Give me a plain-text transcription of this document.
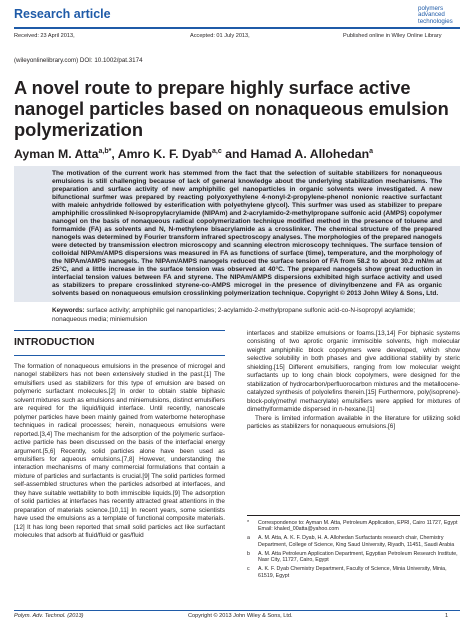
Research article	polymers
advanced
technologies
Received: 23 April 2013,	Accepted: 01 July 2013,	Published online in Wiley Online Library
(wileyonlinelibrary.com) DOI: 10.1002/pat.3174
A novel route to prepare highly surface active nanogel particles based on nonaqueous emulsion polymerization
Ayman M. Atta$^{a,b*}$, Amro K. F. Dyab$^{a,c}$ and Hamad A. Allohedan$^a$

The motivation of the current work has stemmed from the fact that the selection of suitable stabilizers for nonaqueous emulsions is still challenging because of lack of general knowledge about the underlying stabilization mechanisms. The preparation and surface activity of new amphiphilic gel nanoparticles in organic solvents were investigated. A new bifunctional surfmer was prepared by reacting polyoxyethylene 4-nonyl-2-propylene-phenol nonionic reactive surfactant with maleic anhydride followed by esterification with polyethylene glycol). This surfmer was used as stabilizer to prepare amphiphilic crosslinked N-isopropylacrylamide (NIPAm) and 2-acrylamido-2-methylpropane sulfonic acid (AMPS) copolymer nanogel on the basis of nonaqueous radical copolymerization technique modified method in the presence of toluene and formamide (FA) as solvents and N, N-methylene bisacrylamide as a crosslinker. The chemical structure of the prepared nanogels was determined by Fourier transform infrared spectroscopy analyses. The morphologies of the prepared nanogels were detected by transmission electron microscopy and scanning electron microscopy techniques. The surface tension of colloidal NIPAm/AMPS dispersions was measured in FA as functions of surface (time), temperature, and the morphology of the NIPAm/AMPS nanogels. The NIPAm/AMPS nanogels reduced the surface tension of FA from 58.2 to about 30.2 mN/m at 25°C, and a little increase in the surface tension was observed at 40°C. The prepared nanogels show great reduction in interfacial tension values between FA and styrene. The NIPAm/AMPS dispersions exhibited high surface activity and used as stabilizers to prepare crosslinked styrene-co-AMPS microgel in the presence of divinylbenzene and FA as organic solvents based on nonaqueous emulsion crosslinking polymerization technique. Copyright © 2013 John Wiley & Sons, Ltd.

Keywords: surface activity; amphiphilic gel nanoparticles; 2-acylamido-2-methylpropane sulfonic acid-co-N-isopropyl acylamide; nonaqueous media; miniemulsion

INTRODUCTION

The formation of nonaqueous emulsions in the presence of microgel and nanogel stabilizers has not been extensively studied in the past.[1] The emulsifiers used as stabilizers for this type of emulsion are based on polymeric surfactant molecules.[2] In order to obtain stable biphasic solvent mixtures such as emulsions and miniemulsions, distinct emulsifiers are required for the liquid/liquid interface. Until recently, nanoscale polymer particles have been mainly gained from waterborne heterophase techniques in radical processes; herein, nonaqueous emulsions were reported.[3,4] The mechanism for the adsorption of the polymeric surface-active particle has been discussed on the basis of the interfacial energy argument.[5,6] Recently, solid particles alone have been used as emulsifiers for aqueous emulsions.[7,8] However, understanding the interaction mechanisms of many commercial formulations that contain a mixture of particles and surfactants is crucial.[9] The solid particles formed self-assembled structures when the particles adsorbed at interfaces, and they have suitable wettability to both immiscible liquids.[9] The adsorption of solid particles at interfaces has recently attracted great attentions in the preparation of materials science.[10,11] In recent years, some scientists have used the emulsions as a template of functional composite materials.[12] It has long been reported that small solid particles act like surfactant molecules that adsorb at fluid/fluid or gas/fluid

interfaces and stabilize emulsions or foams.[13,14] For biphasic systems consisting of two aprotic organic immiscible solvents, high molecular weight amphiphilic block copolymers were developed, which show selective solubility in both phases and give additional stability by steric shielding.[15] Different emulsifiers, ranging from low molecular weight surfactants up to long chain block copolymers, were designed for the stabilization of hydrocarbon/perfluorocarbon mixtures and the metallocene-catalyzed synthesis of polyolefins therein.[15] Furthermore, poly(isoprene)-block-poly(methyl methacrylate) emulsifiers were applied for mixtures of dimethylformamide dispersed in n-hexane.[1]

There is limited information available in the literature for utilizing solid particles as stabilizers for nonaqueous emulsions.[6]

*	Correspondence to: Ayman M. Atta, Petroleum Application, EPRI, Cairo 11727, Egypt Email: khaled_00atta@yahoo.com
a	A. M. Atta, A. K. F. Dyab, H. A. Allohedan Surfactants research chair, Chemistry Department, College of Science, King Saud University, Riyadh, 11451, Saudi Arabia
b	A. M. Atta Petroleum Application Department, Egyptian Petroleum Research Institute, Nasr City, 11727, Cairo, Egypt
c	A. K. F. Dyab Chemistry Department, Faculty of Science, Minia University, Minia, 61519, Egypt
Polym. Adv. Technol. (2013)	Copyright © 2013 John Wiley & Sons, Ltd.	1
